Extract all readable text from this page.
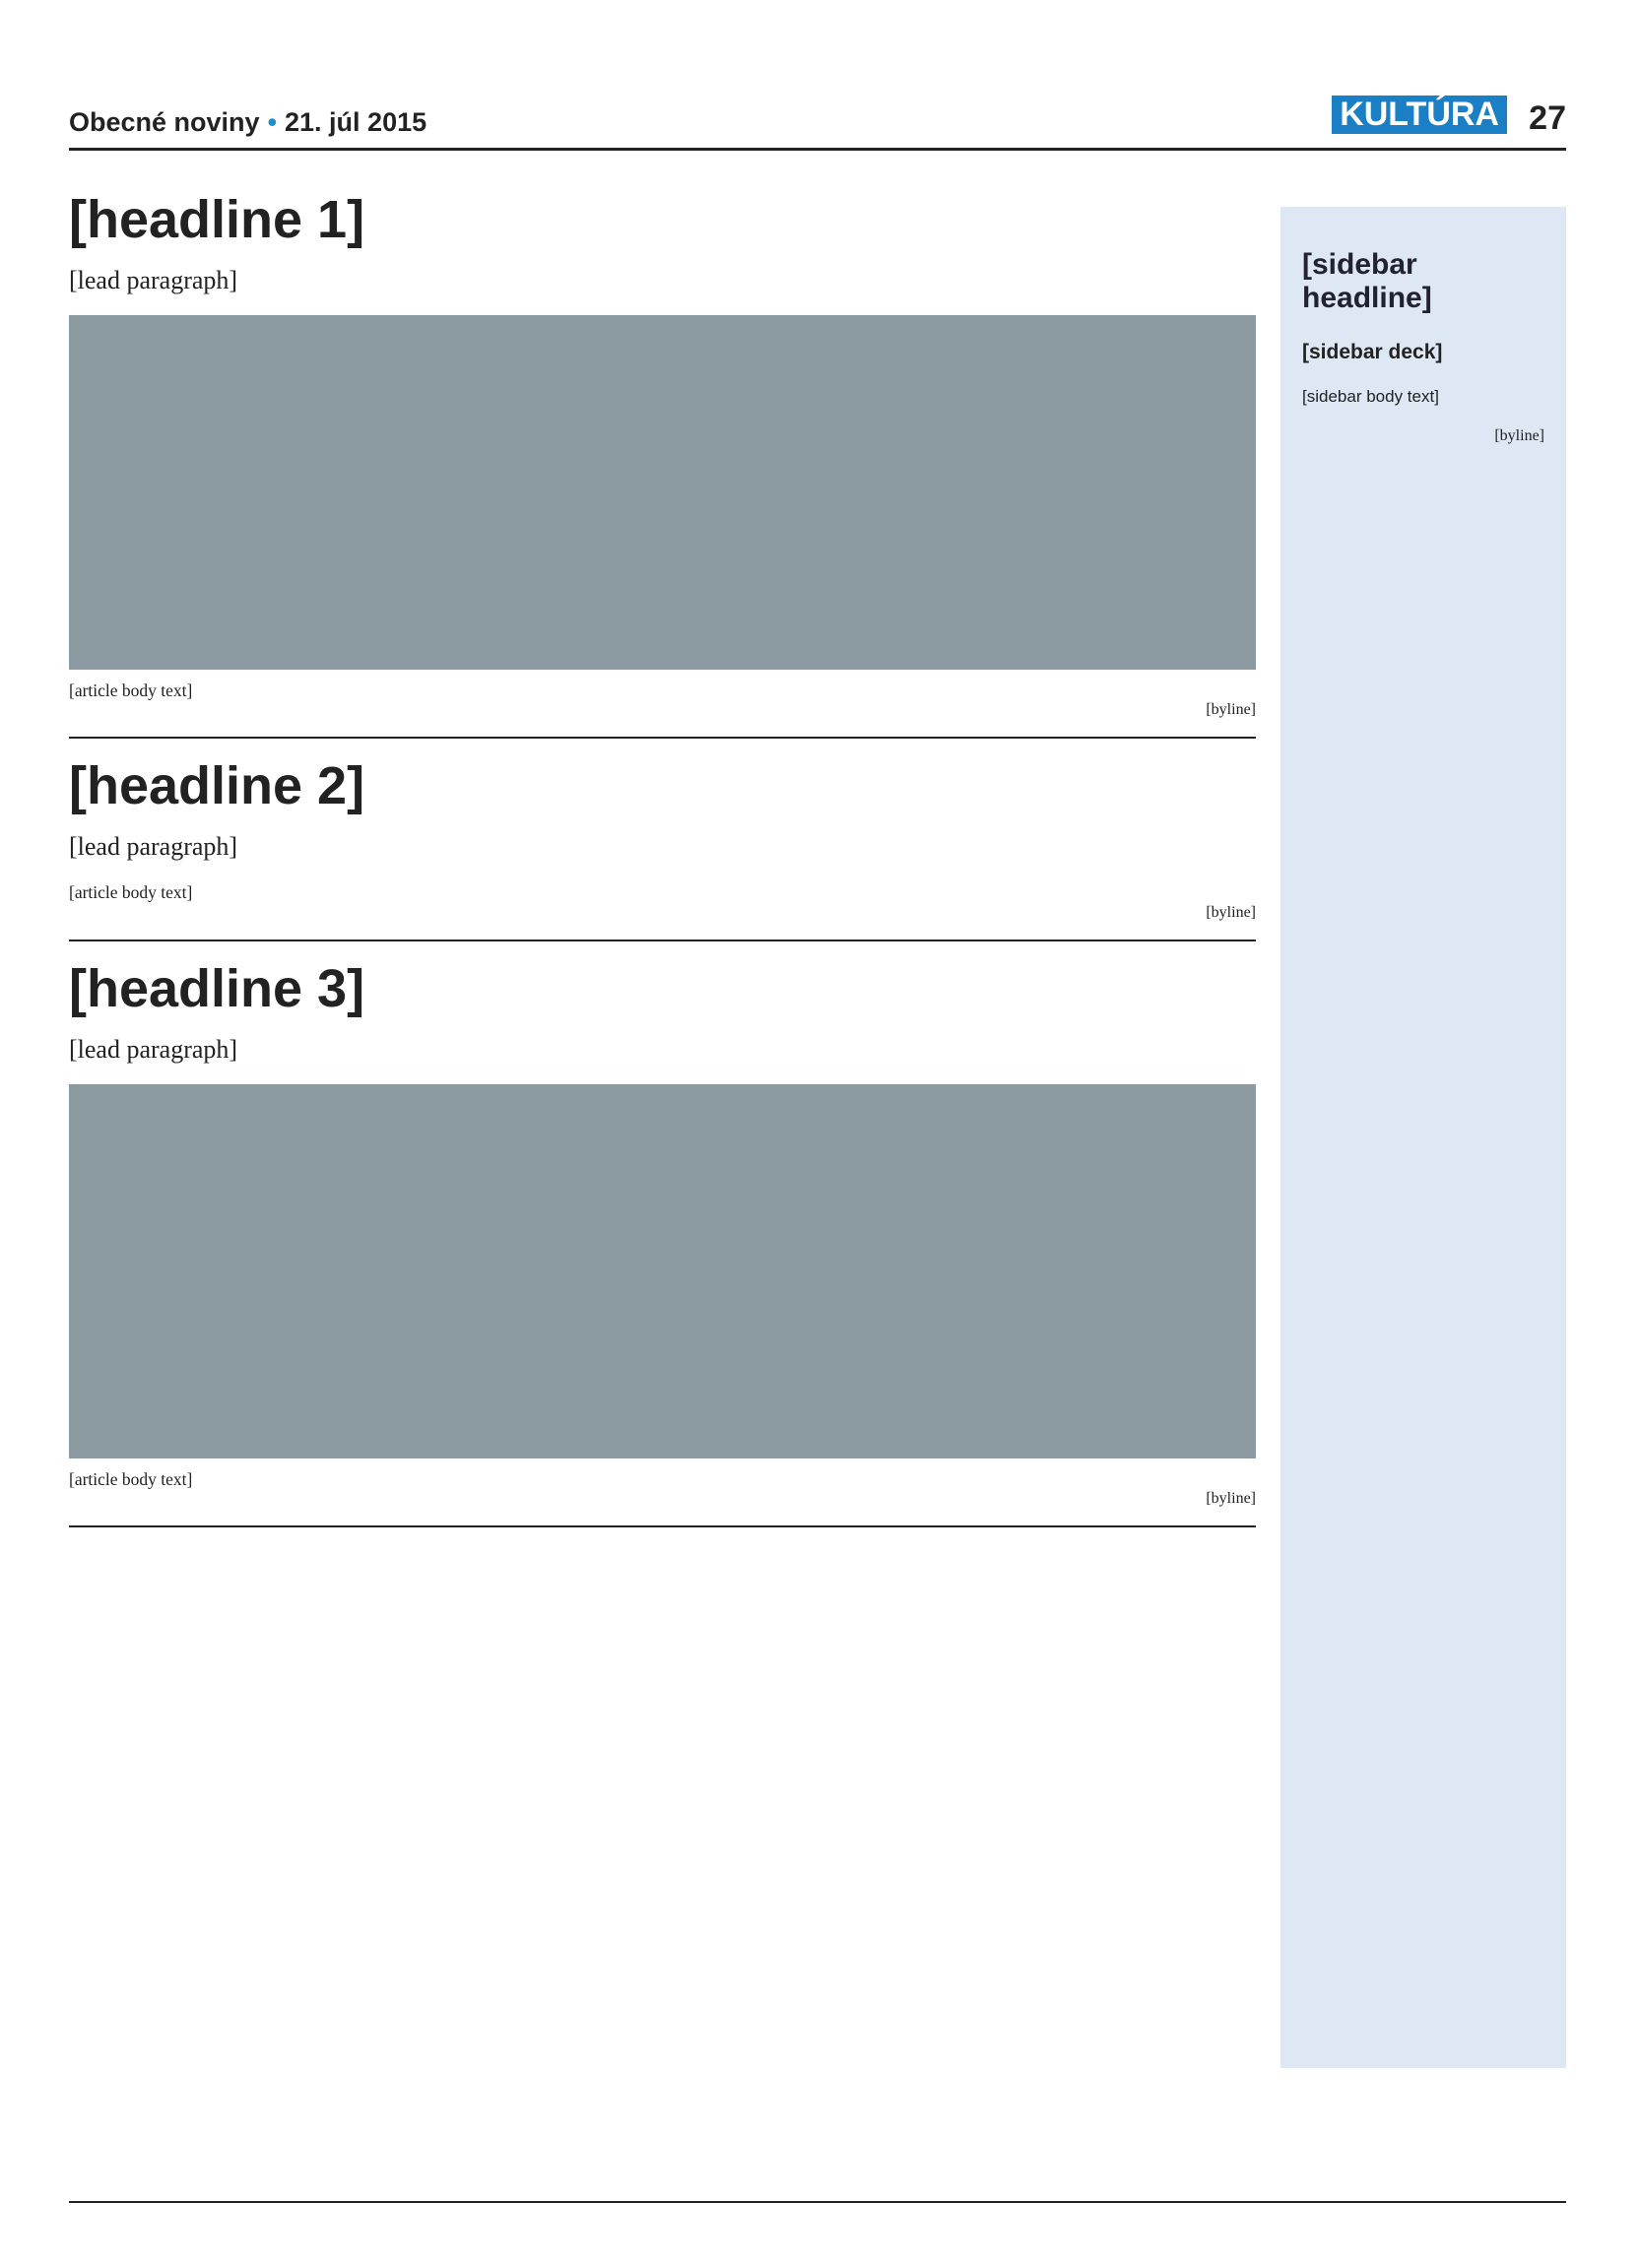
Obecné noviny • 21. júl 2015	KULTÚRA 27
[headline 1]

[lead paragraph]

[article body text]
[byline]
[headline 2]

[lead paragraph]

[article body text]
[byline]
[headline 3]

[lead paragraph]

[article body text]
[byline]
[sidebar headline]
[sidebar deck]
[sidebar body text]
[byline]
